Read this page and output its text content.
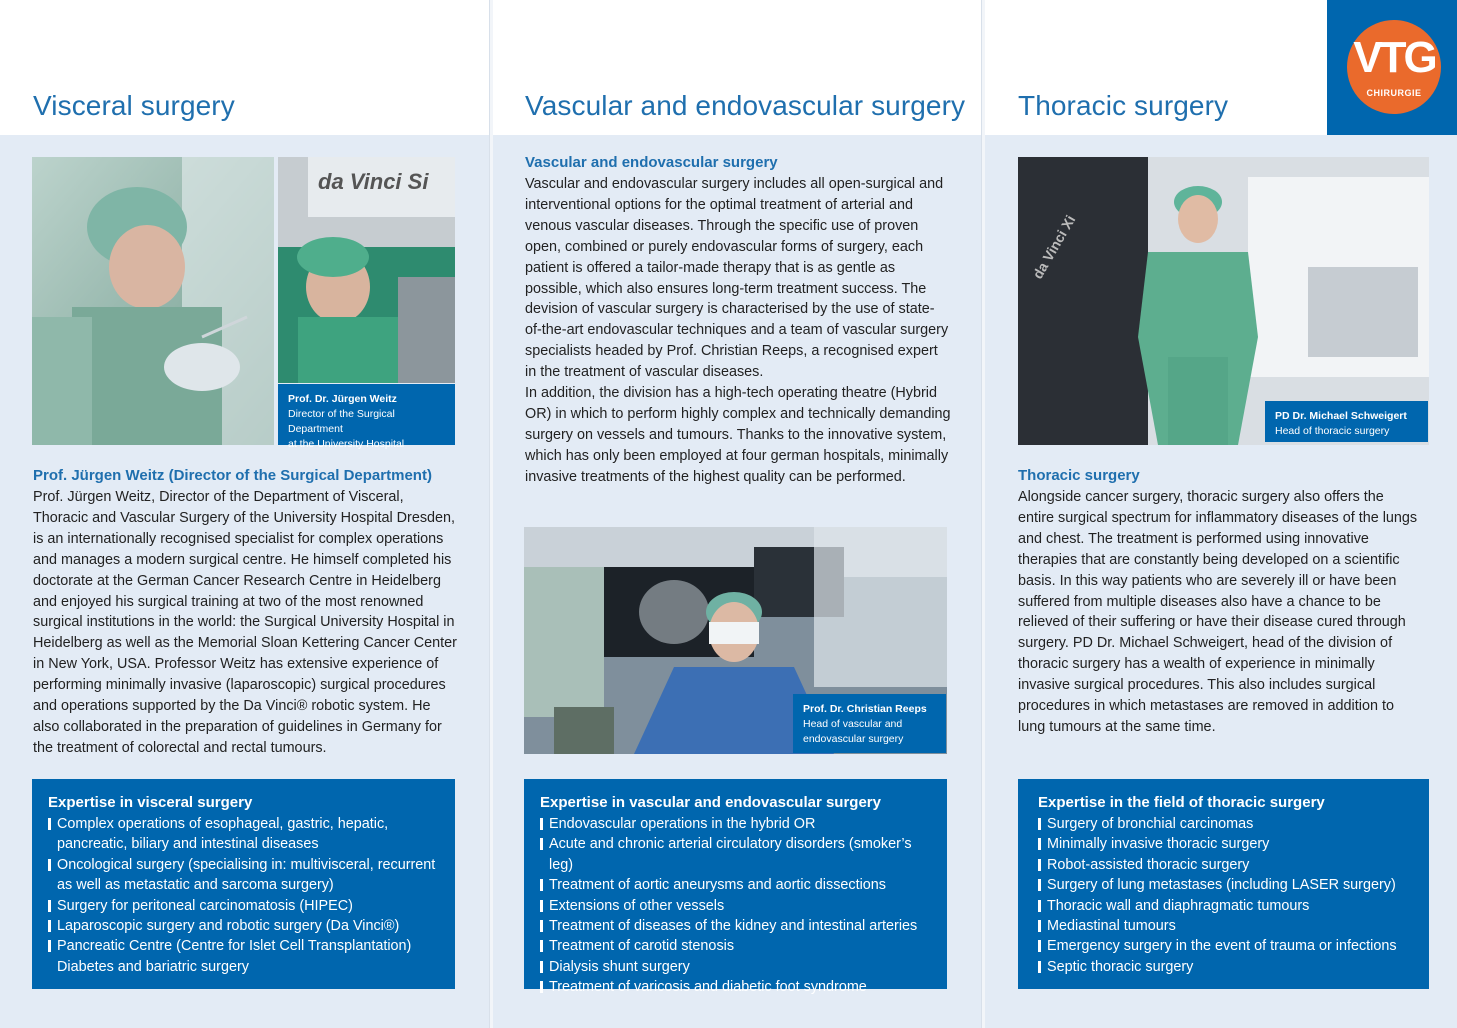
Visceral surgery
da Vinci Si
Prof. Dr. Jürgen Weitz
Director of the Surgical Department
at the University Hospital
Prof. Jürgen Weitz (Director of the Surgical Department)

Prof. Jürgen Weitz, Director of the Department of Visceral, Thoracic and Vascular Surgery of the University Hospital Dresden, is an internationally recognised specialist for complex operations and manages a modern surgical centre. He himself completed his doctorate at the German Cancer Research Centre in Heidelberg and enjoyed his surgical training at two of the most renowned surgical institutions in the world: the Surgical University Hospital in Heidelberg as well as the Memorial Sloan Kettering Cancer Center in New York, USA. Professor Weitz has extensive experience of performing minimally invasive (laparoscopic) surgical procedures and operations supported by the Da Vinci® robotic system. He also collaborated in the preparation of guidelines in Germany for the treatment of colorectal and rectal tumours.

Expertise in visceral surgery
Complex operations of esophageal, gastric, hepatic, pancreatic, biliary and intestinal diseases
Oncological surgery (specialising in: multivisceral, recurrent as well as metastatic and sarcoma surgery)
Surgery for peritoneal carcinomatosis (HIPEC)
Laparoscopic surgery and robotic surgery (Da Vinci®)
Pancreatic Centre (Centre for Islet Cell Transplantation) Diabetes and bariatric surgery
Vascular and endovascular surgery
Vascular and endovascular surgery

Vascular and endovascular surgery includes all open-surgical and interventional options for the optimal treatment of arterial and venous vascular diseases. Through the specific use of proven open, combined or purely endovascular forms of surgery, each patient is offered a tailor-made therapy that is as gentle as possible, which also ensures long-term treatment success. The devision of vascular surgery is characterised by the use of state-of-the-art endovascular techniques and a team of vascular surgery specialists headed by Prof. Christian Reeps, a recognised expert in the treatment of vascular diseases.

In addition, the division has a high-tech operating theatre (Hybrid OR) in which to perform highly complex and technically demanding surgery on vessels and tumours. Thanks to the innovative system, which has only been employed at four german hospitals, minimally invasive treatments of the highest quality can be performed.

Prof. Dr. Christian Reeps
Head of vascular and
endovascular surgery
Expertise in vascular and endovascular surgery
Endovascular operations in the hybrid OR
Acute and chronic arterial circulatory disorders (smoker’s leg)
Treatment of aortic aneurysms and aortic dissections
Extensions of other vessels
Treatment of diseases of the kidney and intestinal arteries
Treatment of carotid stenosis
Dialysis shunt surgery
Treatment of varicosis and diabetic foot syndrome
Thoracic surgery
da Vinci Xi
PD Dr. Michael Schweigert
Head of thoracic surgery
Thoracic surgery

Alongside cancer surgery, thoracic surgery also offers the entire surgical spectrum for inflammatory diseases of the lungs and chest. The treatment is performed using innovative therapies that are constantly being developed on a scientific basis. In this way patients who are severely ill or have been suffered from multiple diseases also have a chance to be relieved of their suffering or have their disease cured through surgery. PD Dr. Michael Schweigert, head of the division of thoracic surgery has a wealth of experience in minimally invasive surgical procedures. This also includes surgical procedures in which metastases are removed in addition to lung tumours at the same time.

Expertise in the field of thoracic surgery
Surgery of bronchial carcinomas
Minimally invasive thoracic surgery
Robot-assisted thoracic surgery
Surgery of lung metastases (including LASER surgery)
Thoracic wall and diaphragmatic tumours
Mediastinal tumours
Emergency surgery in the event of trauma or infections
Septic thoracic surgery
VTG
CHIRURGIE
